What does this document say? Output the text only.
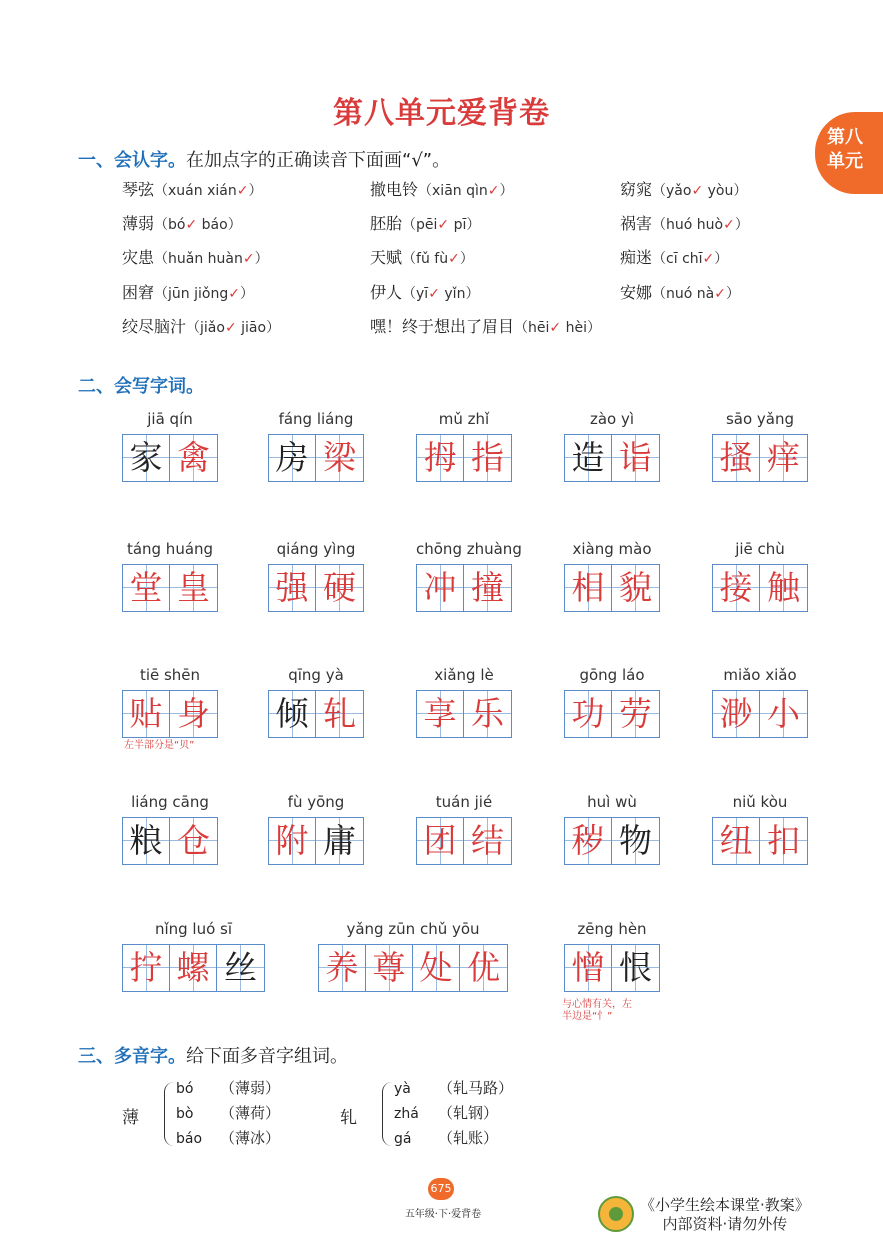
第八单元爱背卷
第八
单元
一、会认字。在加点字的正确读音下面画“√”。
琴弦（xuán xián✓）	撤电铃（xiān qìn✓）	窈窕（yǎo✓ yòu）
薄弱（bó✓ báo）	胚胎（pēi✓ pī）	祸害（huó huò✓）
灾患（huǎn huàn✓）	天赋（fǔ fù✓）	痴迷（cī chī✓）
困窘（jūn jiǒng✓）	伊人（yī✓ yǐn）	安娜（nuó nà✓）
绞尽脑汁（jiǎo✓ jiāo）	嘿！终于想出了眉目（hēi✓ hèi）
二、会写字词。
jiā qín
家 禽
fáng liáng
房 梁
mǔ zhǐ
拇 指
zào yì
造 诣
sāo yǎng
搔 痒
táng huáng
堂 皇
qiáng yìng
强 硬
chōng zhuàng
冲 撞
xiàng mào
相 貌
jiē chù
接 触
tiē shēn
贴 身
qīng yà
倾 轧
xiǎng lè
享 乐
gōng láo
功 劳
miǎo xiǎo
渺 小
liáng cāng
粮 仓
fù yōng
附 庸
tuán jié
团 结
huì wù
秽 物
niǔ kòu
纽 扣
nǐng luó sī
拧 螺 丝
yǎng zūn chǔ yōu
养 尊 处 优
zēng hèn
憎 恨
左半部分是“贝”
与心情有关，左
半边是“忄”
三、多音字。给下面多音字组词。
薄
bó （薄弱）
bò （薄荷）
báo （薄冰）
轧
yà （轧马路）
zhá （轧钢）
gá （轧账）
675
五年级·下·爱背卷
《小学生绘本课堂·教案》
内部资料·请勿外传
